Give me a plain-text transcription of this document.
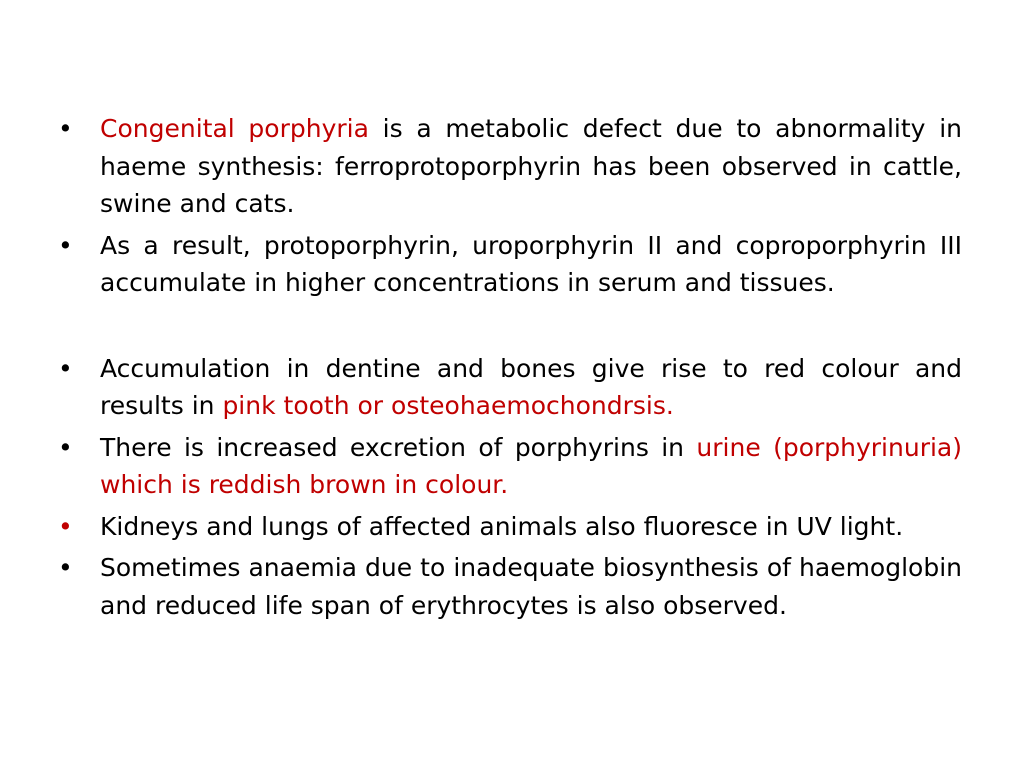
• Congenital porphyria is a metabolic defect due to abnormality in haeme synthesis: ferroprotoporphyrin has been observed in cattle, swine and cats.
• As a result, protoporphyrin, uroporphyrin II and coproporphyrin III accumulate in higher concentrations in serum and tissues.
• Accumulation in dentine and bones give rise to red colour and results in pink tooth or osteohaemochondrsis.
• There is increased excretion of porphyrins in urine (porphyrinuria) which is reddish brown in colour.
• Kidneys and lungs of affected animals also fluoresce in UV light.
• Sometimes anaemia due to inadequate biosynthesis of haemoglobin and reduced life span of erythrocytes is also observed.
